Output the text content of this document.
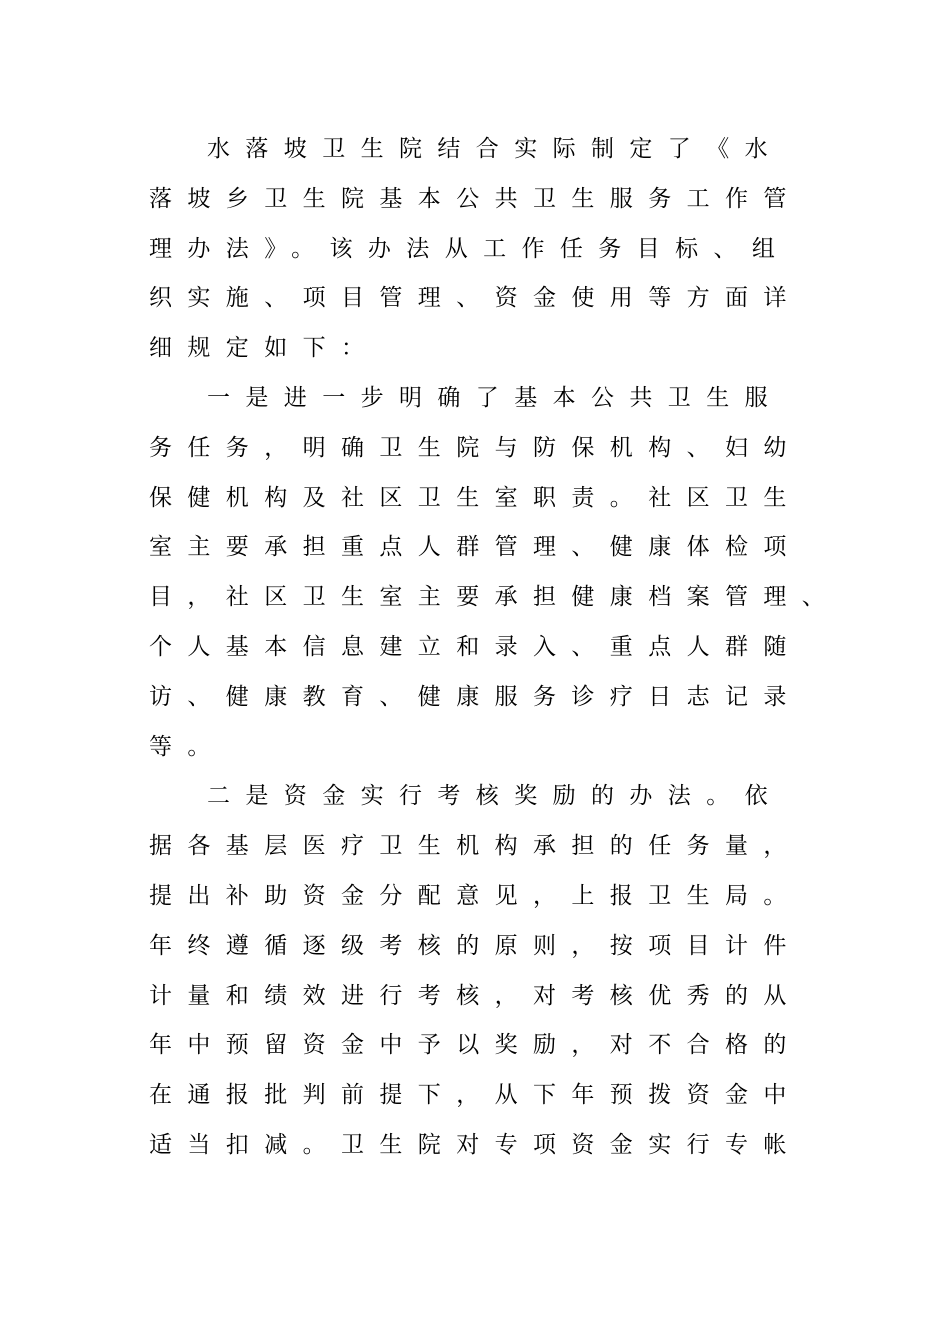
水落坡卫生院结合实际制定了《水
落坡乡卫生院基本公共卫生服务工作管
理办法》。该办法从工作任务目标、组
织实施、项目管理、资金使用等方面详
细规定如下：
一是进一步明确了基本公共卫生服
务任务，明确卫生院与防保机构、妇幼
保健机构及社区卫生室职责。社区卫生
室主要承担重点人群管理、健康体检项
目，社区卫生室主要承担健康档案管理、
个人基本信息建立和录入、重点人群随
访、健康教育、健康服务诊疗日志记录
等。
二是资金实行考核奖励的办法。依
据各基层医疗卫生机构承担的任务量，
提出补助资金分配意见，上报卫生局。
年终遵循逐级考核的原则，按项目计件
计量和绩效进行考核，对考核优秀的从
年中预留资金中予以奖励，对不合格的
在通报批判前提下，从下年预拨资金中
适当扣减。卫生院对专项资金实行专帐
